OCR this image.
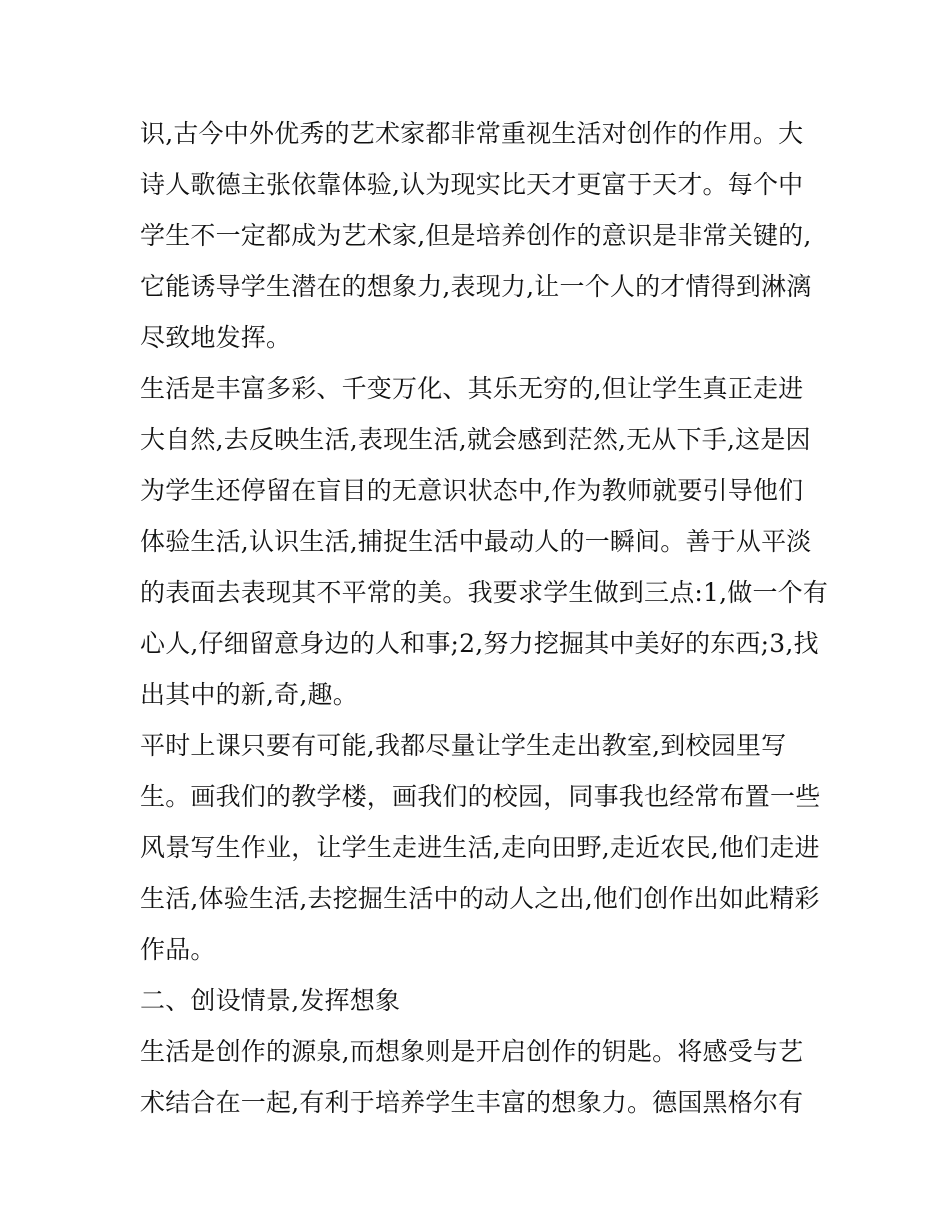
识,古今中外优秀的艺术家都非常重视生活对创作的作用。大
诗人歌德主张依靠体验,认为现实比天才更富于天才。每个中
学生不一定都成为艺术家,但是培养创作的意识是非常关键的,
它能诱导学生潜在的想象力,表现力,让一个人的才情得到淋漓
尽致地发挥。
生活是丰富多彩、千变万化、其乐无穷的,但让学生真正走进
大自然,去反映生活,表现生活,就会感到茫然,无从下手,这是因
为学生还停留在盲目的无意识状态中,作为教师就要引导他们
体验生活,认识生活,捕捉生活中最动人的一瞬间。善于从平淡
的表面去表现其不平常的美。我要求学生做到三点:1,做一个有
心人,仔细留意身边的人和事;2,努力挖掘其中美好的东西;3,找
出其中的新,奇,趣。
平时上课只要有可能,我都尽量让学生走出教室,到校园里写
生。画我们的教学楼，画我们的校园，同事我也经常布置一些
风景写生作业，让学生走进生活,走向田野,走近农民,他们走进
生活,体验生活,去挖掘生活中的动人之出,他们创作出如此精彩
作品。
二、创设情景,发挥想象
生活是创作的源泉,而想象则是开启创作的钥匙。将感受与艺
术结合在一起,有利于培养学生丰富的想象力。德国黑格尔有
